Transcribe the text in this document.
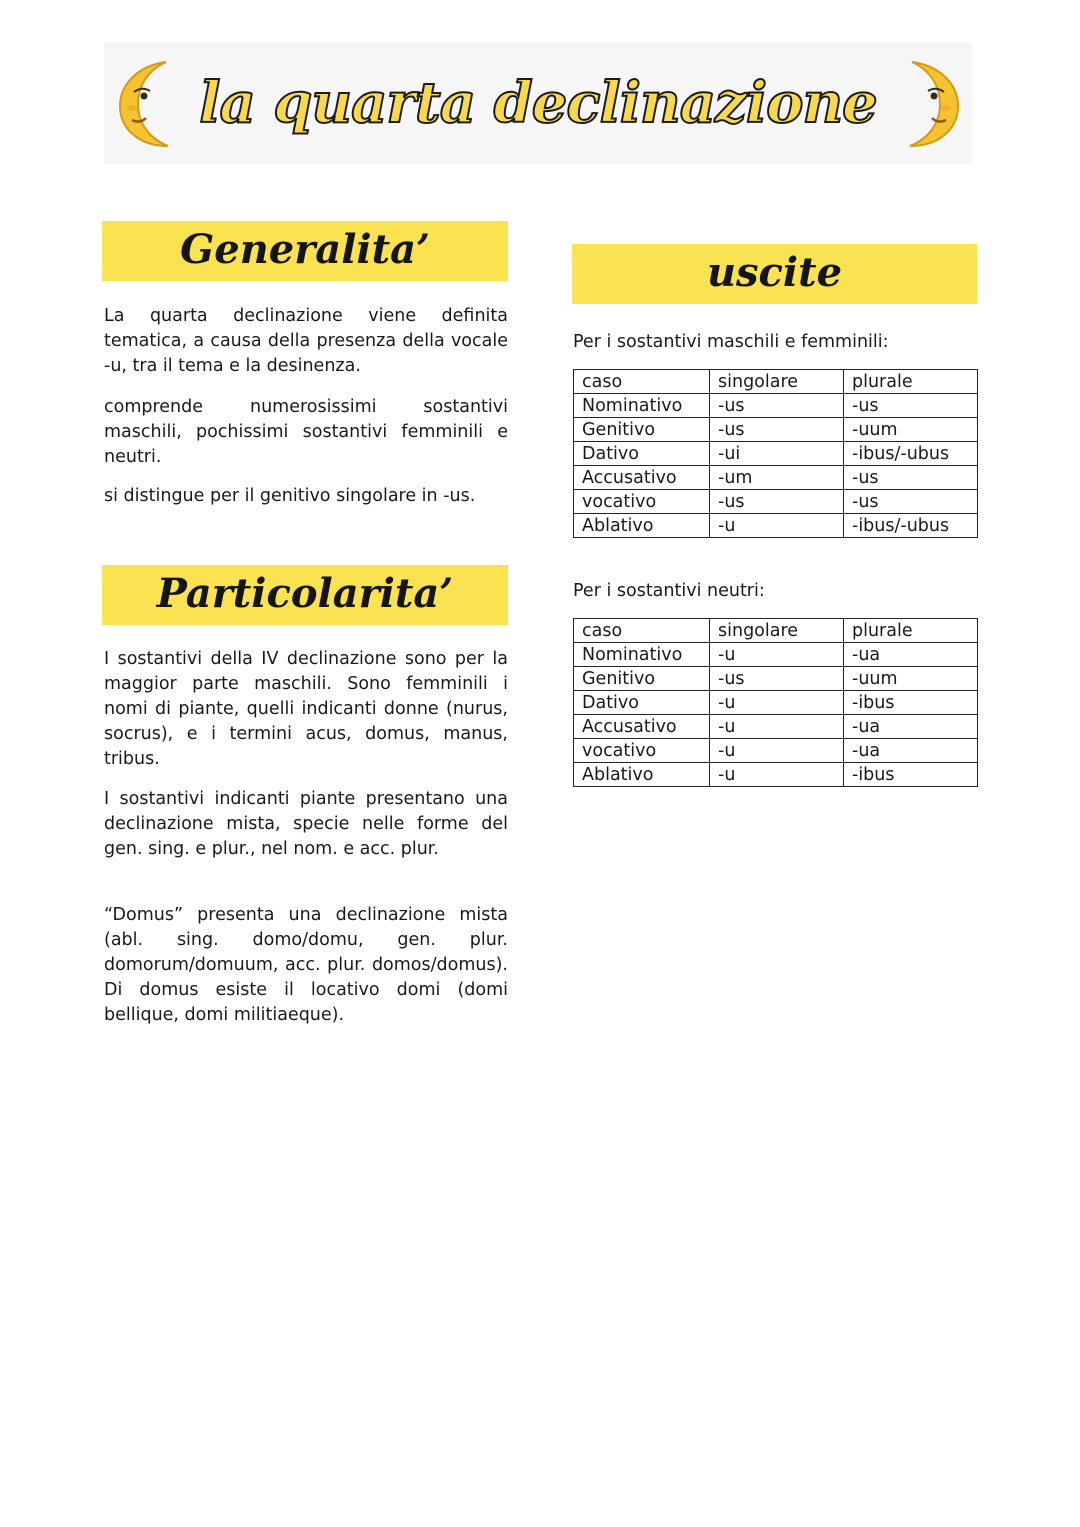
la quarta declinazione
Generalita’

La quarta declinazione viene definita tematica, a causa della presenza della vocale -u, tra il tema e la desinenza.

comprende numerosissimi sostantivi maschili, pochissimi sostantivi femminili e neutri.

si distingue per il genitivo singolare in -us.

Particolarita’

I sostantivi della IV declinazione sono per la maggior parte maschili. Sono femminili i nomi di piante, quelli indicanti donne (nurus, socrus), e i termini acus, domus, manus, tribus.

I sostantivi indicanti piante presentano una declinazione mista, specie nelle forme del gen. sing. e plur., nel nom. e acc. plur.

“Domus” presenta una declinazione mista (abl. sing. domo/domu, gen. plur. domorum/domuum, acc. plur. domos/domus). Di domus esiste il locativo domi (domi bellique, domi militiaeque).

uscite

Per i sostantivi maschili e femminili:

caso	singolare	plurale
Nominativo	-us	-us
Genitivo	-us	-uum
Dativo	-ui	-ibus/-ubus
Accusativo	-um	-us
vocativo	-us	-us
Ablativo	-u	-ibus/-ubus

Per i sostantivi neutri:

caso	singolare	plurale
Nominativo	-u	-ua
Genitivo	-us	-uum
Dativo	-u	-ibus
Accusativo	-u	-ua
vocativo	-u	-ua
Ablativo	-u	-ibus
